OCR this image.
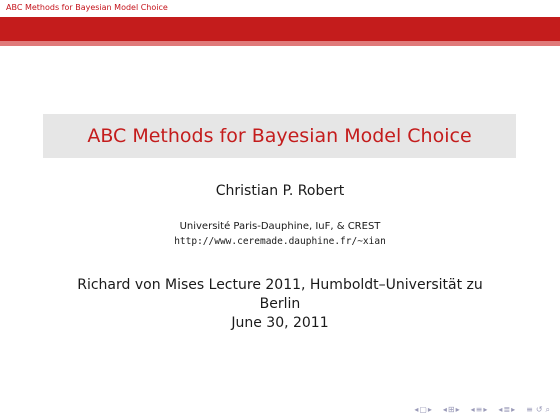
ABC Methods for Bayesian Model Choice
ABC Methods for Bayesian Model Choice
Christian P. Robert
Université Paris-Dauphine, IuF, & CREST
http://www.ceremade.dauphine.fr/~xian
Richard von Mises Lecture 2011, Humboldt–Universität zu
Berlin
June 30, 2011
◂ ▢ ▸ ◂ ⊞ ▸ ◂ ≡ ▸ ◂ ≣ ▸ ≡ ↺ ⌕
